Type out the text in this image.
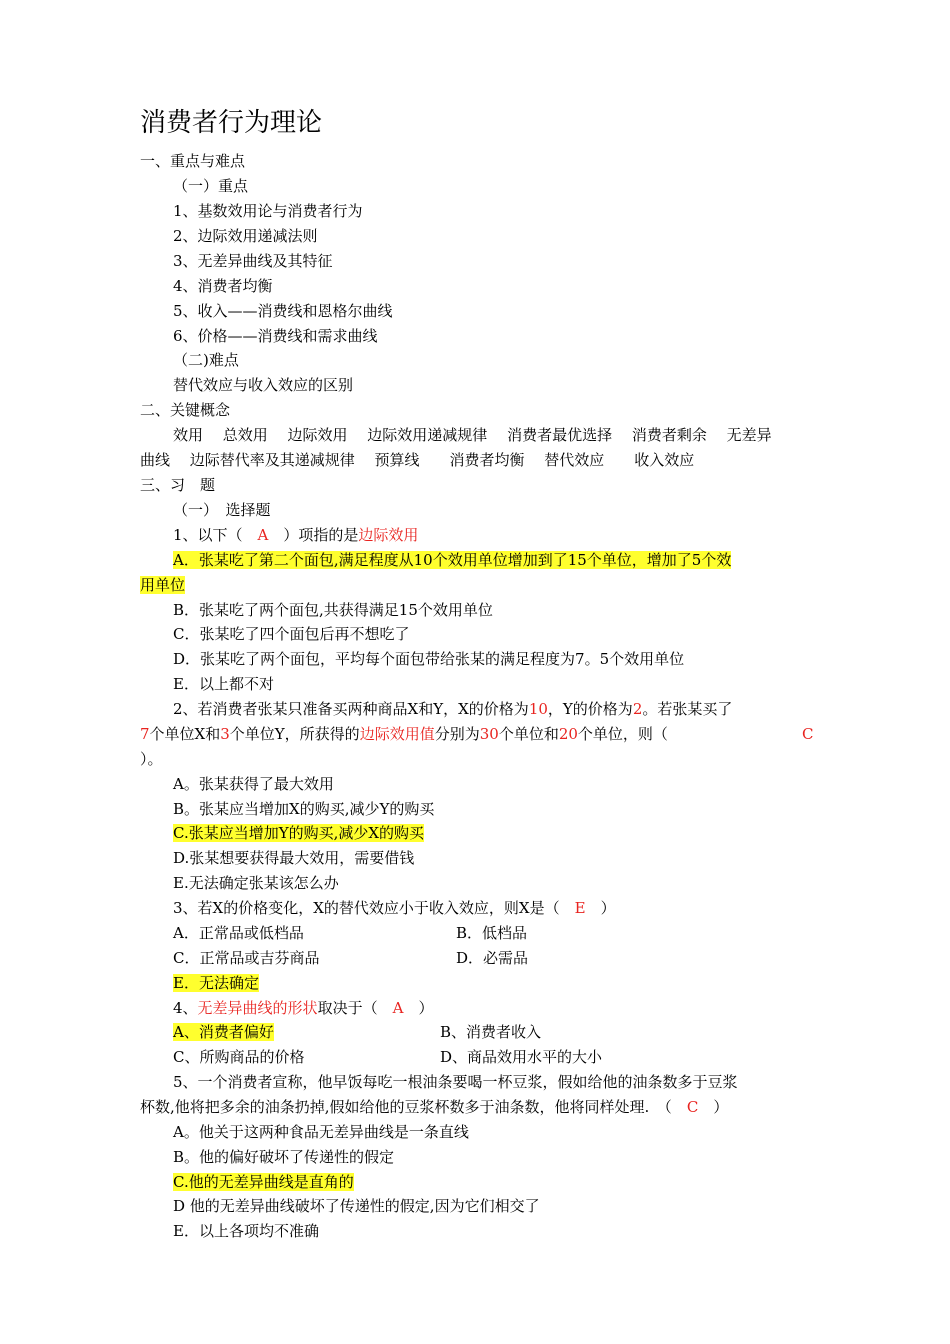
消费者行为理论
一、重点与难点
（一）重点
1、基数效用论与消费者行为
2、边际效用递减法则
3、无差异曲线及其特征
4、消费者均衡
5、收入——消费线和恩格尔曲线
6、价格——消费线和需求曲线
（二)难点
替代效应与收入效应的区别
二、关键概念
效用　 总效用　 边际效用　 边际效用递减规律　 消费者最优选择　 消费者剩余　 无差异
曲线　 边际替代率及其递减规律　 预算线　　消费者均衡　 替代效应　　收入效应
三、习　题
（一）　选择题
1、以下（　A　）项指的是边际效用
A．张某吃了第二个面包,满足程度从10个效用单位增加到了15个单位，增加了5个效
用单位
B．张某吃了两个面包,共获得满足15个效用单位
C．张某吃了四个面包后再不想吃了
D．张某吃了两个面包，平均每个面包带给张某的满足程度为7。5个效用单位
E．以上都不对
2、若消费者张某只准备买两种商品X和Y，X的价格为10，Y的价格为2。若张某买了
7个单位X和3个单位Y，所获得的边际效用值分别为30个单位和20个单位，则（	C
）。
A。张某获得了最大效用
B。张某应当增加X的购买,减少Y的购买
C.张某应当增加Y的购买,减少X的购买
D.张某想要获得最大效用，需要借钱
E.无法确定张某该怎么办
3、若X的价格变化，X的替代效应小于收入效应，则X是（　 E　 ）
A．正常品或低档品	B．低档品
C．正常品或吉芬商品	D．必需品
E．无法确定
4、无差异曲线的形状取决于（　 A　 ）
A、消费者偏好	B、消费者收入
C、所购商品的价格	D、商品效用水平的大小
5、一个消费者宣称，他早饭每吃一根油条要喝一杯豆浆，假如给他的油条数多于豆浆
杯数,他将把多余的油条扔掉,假如给他的豆浆杯数多于油条数，他将同样处理.　（　 C　 ）
A。他关于这两种食品无差异曲线是一条直线
B。他的偏好破坏了传递性的假定
C.他的无差异曲线是直角的
D 他的无差异曲线破坏了传递性的假定,因为它们相交了
E．以上各项均不准确
